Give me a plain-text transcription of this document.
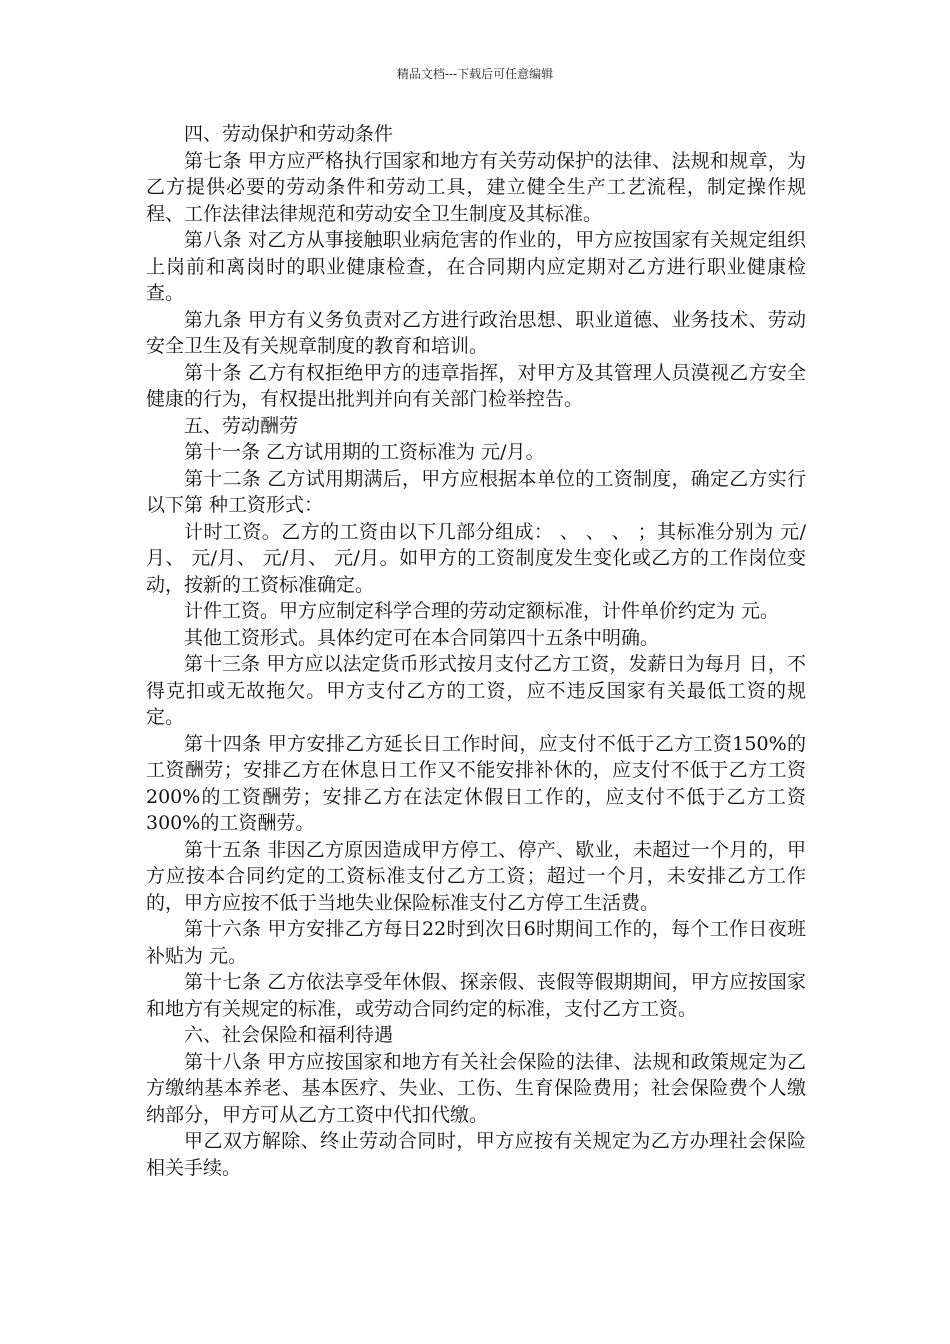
精品文档---下载后可任意编辑

四、劳动保护和劳动条件

第七条 甲方应严格执行国家和地方有关劳动保护的法律、法规和规章，为乙方提供必要的劳动条件和劳动工具，建立健全生产工艺流程，制定操作规程、工作法律法律规范和劳动安全卫生制度及其标准。

第八条 对乙方从事接触职业病危害的作业的，甲方应按国家有关规定组织上岗前和离岗时的职业健康检查，在合同期内应定期对乙方进行职业健康检查。

第九条 甲方有义务负责对乙方进行政治思想、职业道德、业务技术、劳动安全卫生及有关规章制度的教育和培训。

第十条 乙方有权拒绝甲方的违章指挥，对甲方及其管理人员漠视乙方安全健康的行为，有权提出批判并向有关部门检举控告。

五、劳动酬劳

第十一条 乙方试用期的工资标准为 元/月。

第十二条 乙方试用期满后，甲方应根据本单位的工资制度，确定乙方实行以下第 种工资形式：

计时工资。乙方的工资由以下几部分组成： 、 、 、 ；其标准分别为 元/月、 元/月、 元/月、 元/月。如甲方的工资制度发生变化或乙方的工作岗位变动，按新的工资标准确定。

计件工资。甲方应制定科学合理的劳动定额标准，计件单价约定为 元。

其他工资形式。具体约定可在本合同第四十五条中明确。

第十三条 甲方应以法定货币形式按月支付乙方工资，发薪日为每月 日，不得克扣或无故拖欠。甲方支付乙方的工资，应不违反国家有关最低工资的规定。

第十四条 甲方安排乙方延长日工作时间，应支付不低于乙方工资150%的工资酬劳；安排乙方在休息日工作又不能安排补休的，应支付不低于乙方工资200%的工资酬劳；安排乙方在法定休假日工作的，应支付不低于乙方工资300%的工资酬劳。

第十五条 非因乙方原因造成甲方停工、停产、歇业，未超过一个月的，甲方应按本合同约定的工资标准支付乙方工资；超过一个月，未安排乙方工作的，甲方应按不低于当地失业保险标准支付乙方停工生活费。

第十六条 甲方安排乙方每日22时到次日6时期间工作的，每个工作日夜班补贴为 元。

第十七条 乙方依法享受年休假、探亲假、丧假等假期期间，甲方应按国家和地方有关规定的标准，或劳动合同约定的标准，支付乙方工资。

六、社会保险和福利待遇

第十八条 甲方应按国家和地方有关社会保险的法律、法规和政策规定为乙方缴纳基本养老、基本医疗、失业、工伤、生育保险费用；社会保险费个人缴纳部分，甲方可从乙方工资中代扣代缴。

甲乙双方解除、终止劳动合同时，甲方应按有关规定为乙方办理社会保险相关手续。
